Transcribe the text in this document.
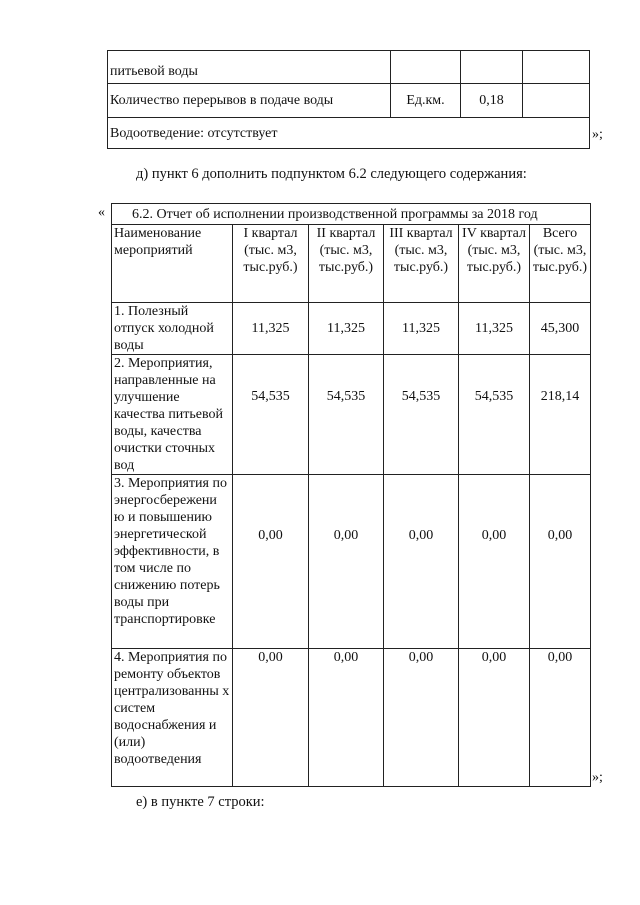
питьевой воды			
Количество перерывов в подаче воды	Ед.км.	0,18	
Водоотведение: отсутствует				»;
д) пункт 6 дополнить подпунктом 6.2 следующего содержания:
« 6.2. Отчет об исполнении производственной программы за 2018 год					
Наименование мероприятий	I квартал (тыс. м3, тыс.руб.)	II квартал (тыс. м3, тыс.руб.)	III квартал (тыс. м3, тыс.руб.)	IV квартал (тыс. м3, тыс.руб.)	Всего (тыс. м3, тыс.руб.)
1. Полезный отпуск холодной воды	11,325	11,325	11,325	11,325	45,300
2. Мероприятия, направленные на улучшение качества питьевой воды, качества очистки сточных вод	54,535	54,535	54,535	54,535	218,14
3. Мероприятия по энергосбережени ю и повышению энергетической эффективности, в том числе по снижению потерь воды при транспортировке	0,00	0,00	0,00	0,00	0,00
4. Мероприятия по ремонту объектов централизованны х систем водоснабжения и (или) водоотведения	0,00	0,00	0,00	0,00	0,00
»;
е) в пункте 7 строки:
